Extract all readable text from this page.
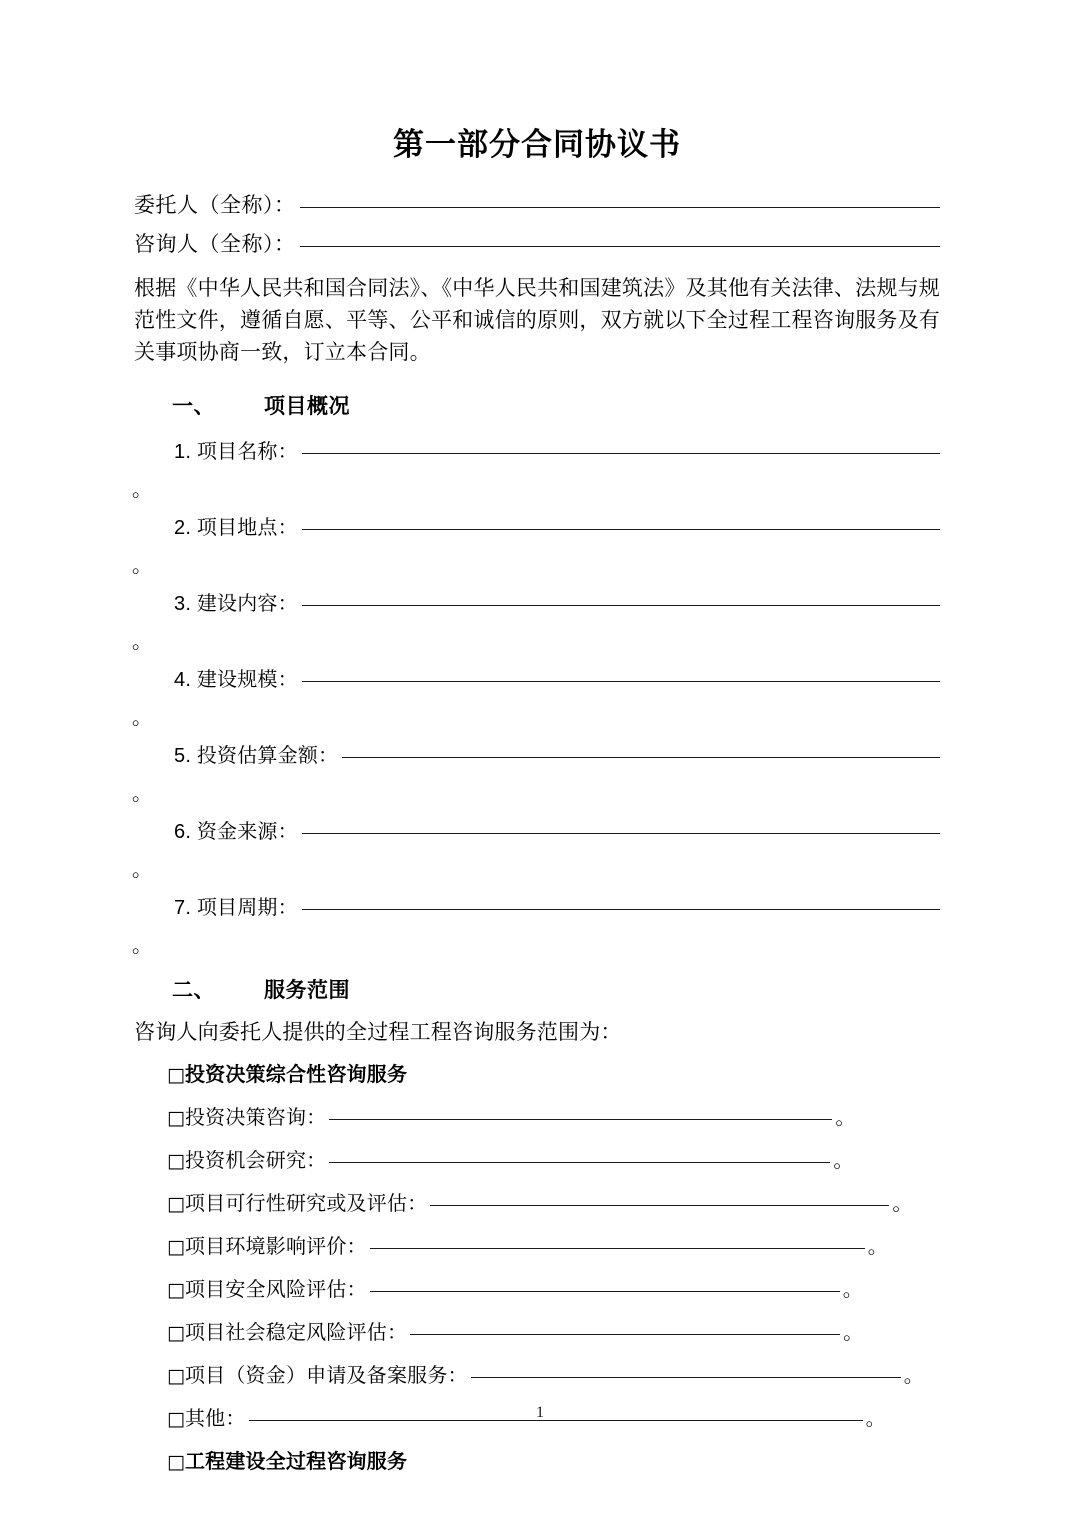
第一部分合同协议书
委托人（全称）：
咨询人（全称）：

根据《中华人民共和国合同法》、《中华人民共和国建筑法》及其他有关法律、法规与规范性文件，遵循自愿、平等、公平和诚信的原则，双方就以下全过程工程咨询服务及有关事项协商一致，订立本合同。

一、	项目概况
1. 项目名称：
。
2. 项目地点：
。
3. 建设内容：
。
4. 建设规模：
。
5. 投资估算金额：
。
6. 资金来源：
。
7. 项目周期：
。
二、	服务范围

咨询人向委托人提供的全过程工程咨询服务范围为：

□ 投资决策综合性咨询服务
□ 投资决策咨询：	。
□ 投资机会研究：	。
□ 项目可行性研究或及评估：	。
□ 项目环境影响评价：	。
□ 项目安全风险评估：	。
□ 项目社会稳定风险评估：	。
□ 项目（资金）申请及备案服务：	。
□ 其他：	。
□ 工程建设全过程咨询服务
1
